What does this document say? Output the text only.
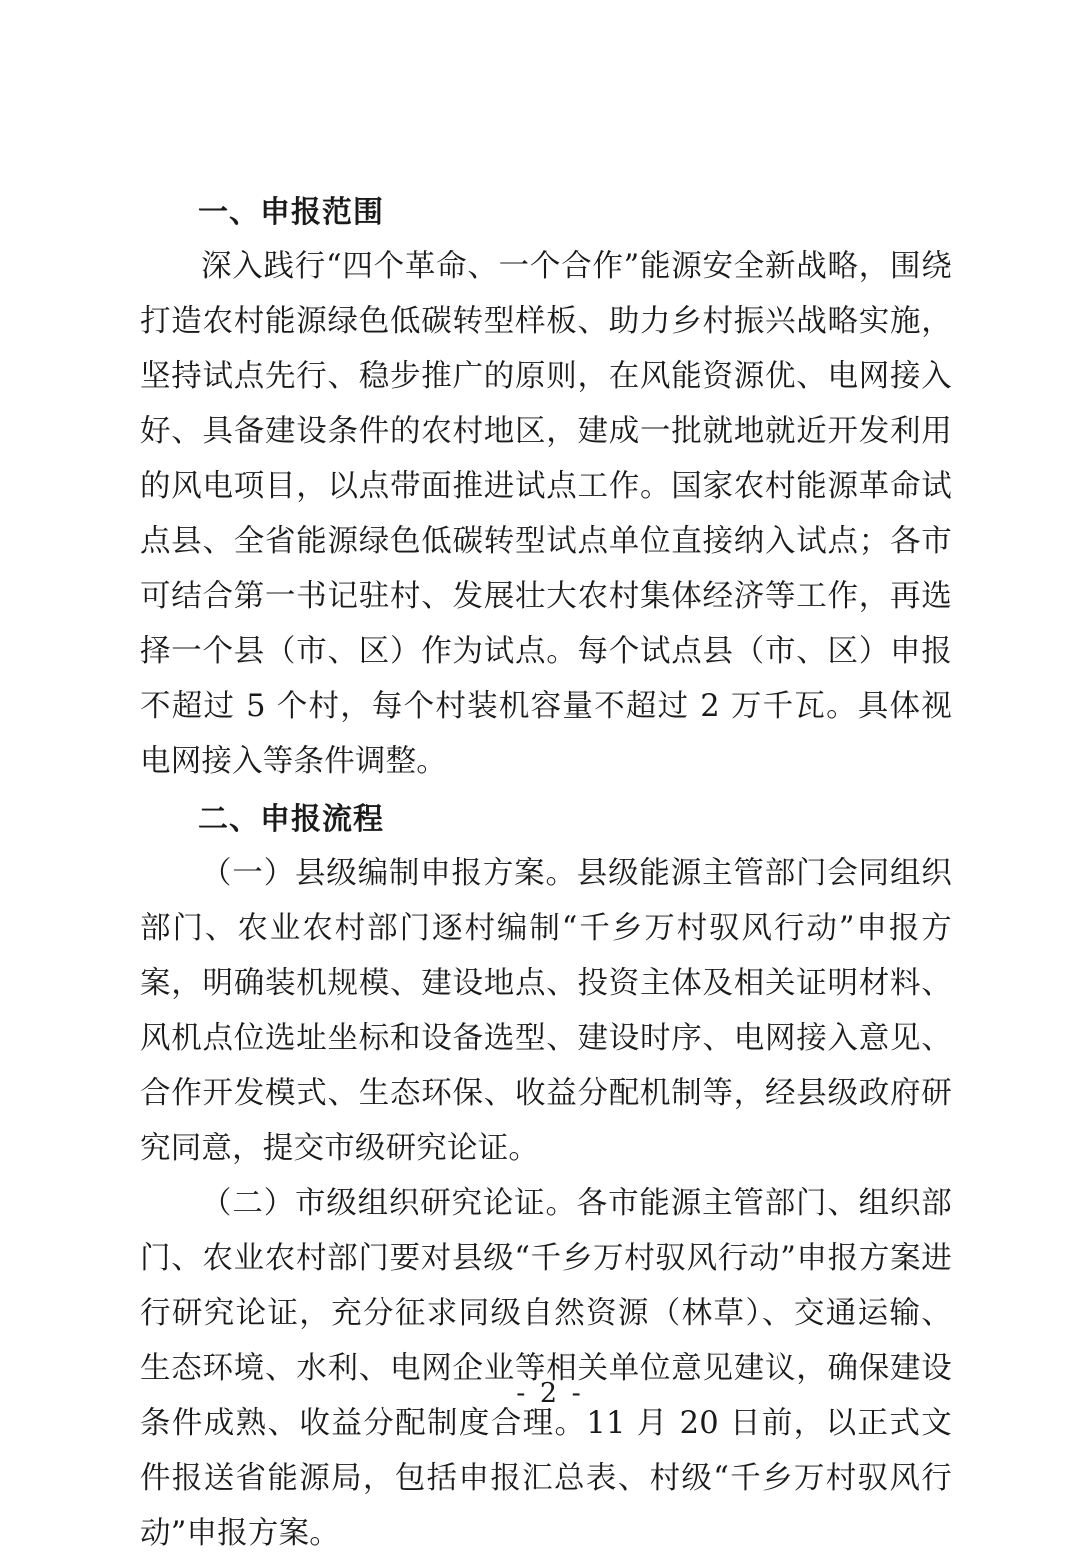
一、申报范围

深入践行“四个革命、一个合作”能源安全新战略，围绕打造农村能源绿色低碳转型样板、助力乡村振兴战略实施，坚持试点先行、稳步推广的原则，在风能资源优、电网接入好、具备建设条件的农村地区，建成一批就地就近开发利用的风电项目，以点带面推进试点工作。国家农村能源革命试点县、全省能源绿色低碳转型试点单位直接纳入试点；各市可结合第一书记驻村、发展壮大农村集体经济等工作，再选择一个县（市、区）作为试点。每个试点县（市、区）申报不超过 5 个村，每个村装机容量不超过 2 万千瓦。具体视电网接入等条件调整。

二、申报流程

（一）县级编制申报方案。县级能源主管部门会同组织部门、农业农村部门逐村编制“千乡万村驭风行动”申报方案，明确装机规模、建设地点、投资主体及相关证明材料、风机点位选址坐标和设备选型、建设时序、电网接入意见、合作开发模式、生态环保、收益分配机制等，经县级政府研究同意，提交市级研究论证。

（二）市级组织研究论证。各市能源主管部门、组织部门、农业农村部门要对县级“千乡万村驭风行动”申报方案进行研究论证，充分征求同级自然资源（林草）、交通运输、生态环境、水利、电网企业等相关单位意见建议，确保建设条件成熟、收益分配制度合理。11 月 20 日前，以正式文件报送省能源局，包括申报汇总表、村级“千乡万村驭风行动”申报方案。

- 2 -
